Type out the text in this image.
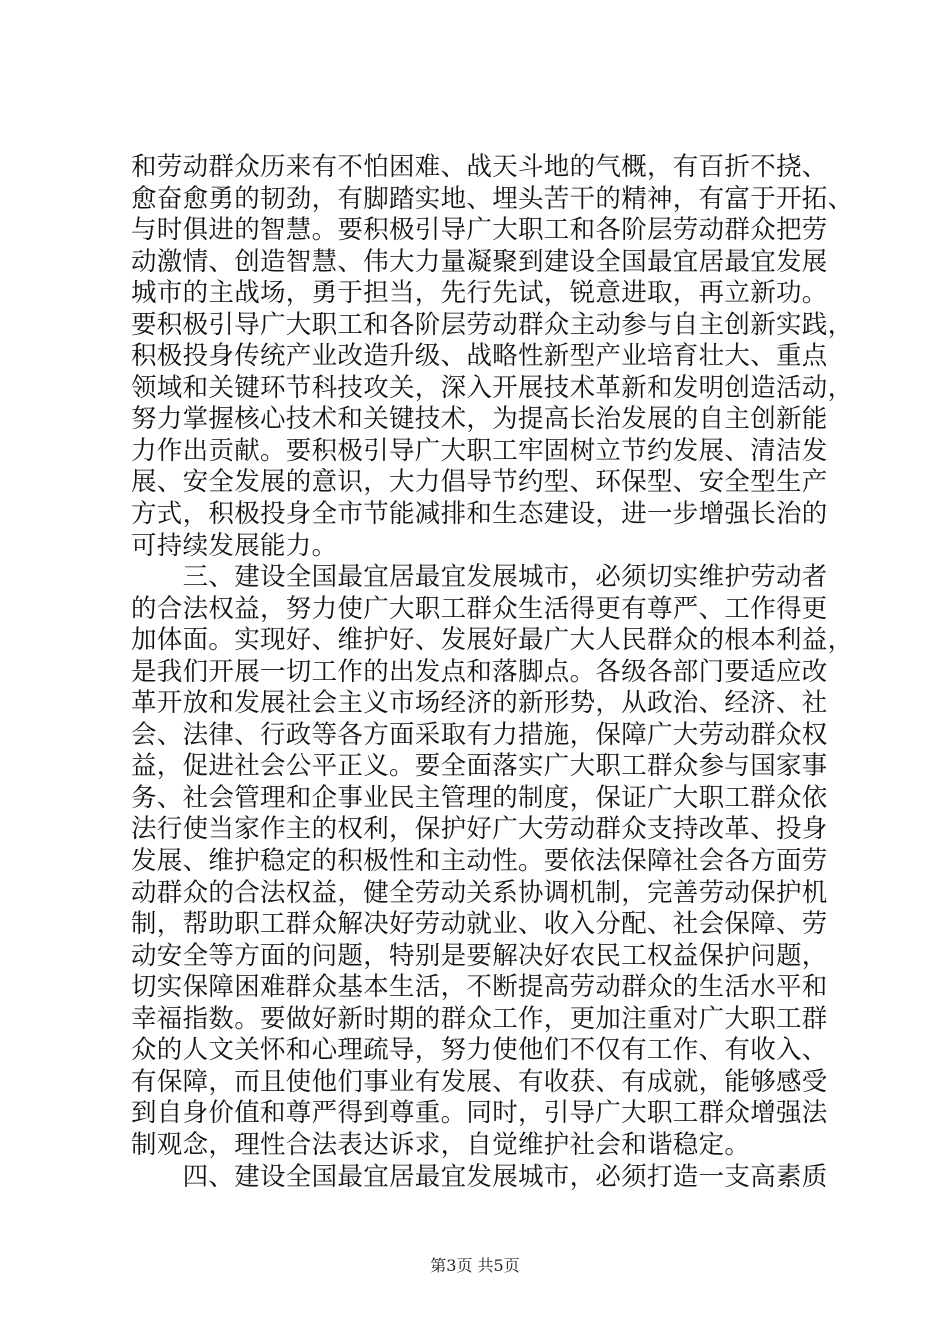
和劳动群众历来有不怕困难、战天斗地的气概，有百折不挠、
愈奋愈勇的韧劲，有脚踏实地、埋头苦干的精神，有富于开拓、
与时俱进的智慧。要积极引导广大职工和各阶层劳动群众把劳
动激情、创造智慧、伟大力量凝聚到建设全国最宜居最宜发展
城市的主战场，勇于担当，先行先试，锐意进取，再立新功。
要积极引导广大职工和各阶层劳动群众主动参与自主创新实践，
积极投身传统产业改造升级、战略性新型产业培育壮大、重点
领域和关键环节科技攻关，深入开展技术革新和发明创造活动，
努力掌握核心技术和关键技术，为提高长治发展的自主创新能
力作出贡献。要积极引导广大职工牢固树立节约发展、清洁发
展、安全发展的意识，大力倡导节约型、环保型、安全型生产
方式，积极投身全市节能减排和生态建设，进一步增强长治的
可持续发展能力。
　　三、建设全国最宜居最宜发展城市，必须切实维护劳动者
的合法权益，努力使广大职工群众生活得更有尊严、工作得更
加体面。实现好、维护好、发展好最广大人民群众的根本利益，
是我们开展一切工作的出发点和落脚点。各级各部门要适应改
革开放和发展社会主义市场经济的新形势，从政治、经济、社
会、法律、行政等各方面采取有力措施，保障广大劳动群众权
益，促进社会公平正义。要全面落实广大职工群众参与国家事
务、社会管理和企事业民主管理的制度，保证广大职工群众依
法行使当家作主的权利，保护好广大劳动群众支持改革、投身
发展、维护稳定的积极性和主动性。要依法保障社会各方面劳
动群众的合法权益，健全劳动关系协调机制，完善劳动保护机
制，帮助职工群众解决好劳动就业、收入分配、社会保障、劳
动安全等方面的问题，特别是要解决好农民工权益保护问题，
切实保障困难群众基本生活，不断提高劳动群众的生活水平和
幸福指数。要做好新时期的群众工作，更加注重对广大职工群
众的人文关怀和心理疏导，努力使他们不仅有工作、有收入、
有保障，而且使他们事业有发展、有收获、有成就，能够感受
到自身价值和尊严得到尊重。同时，引导广大职工群众增强法
制观念，理性合法表达诉求，自觉维护社会和谐稳定。
　　四、建设全国最宜居最宜发展城市，必须打造一支高素质
第3页 共5页
